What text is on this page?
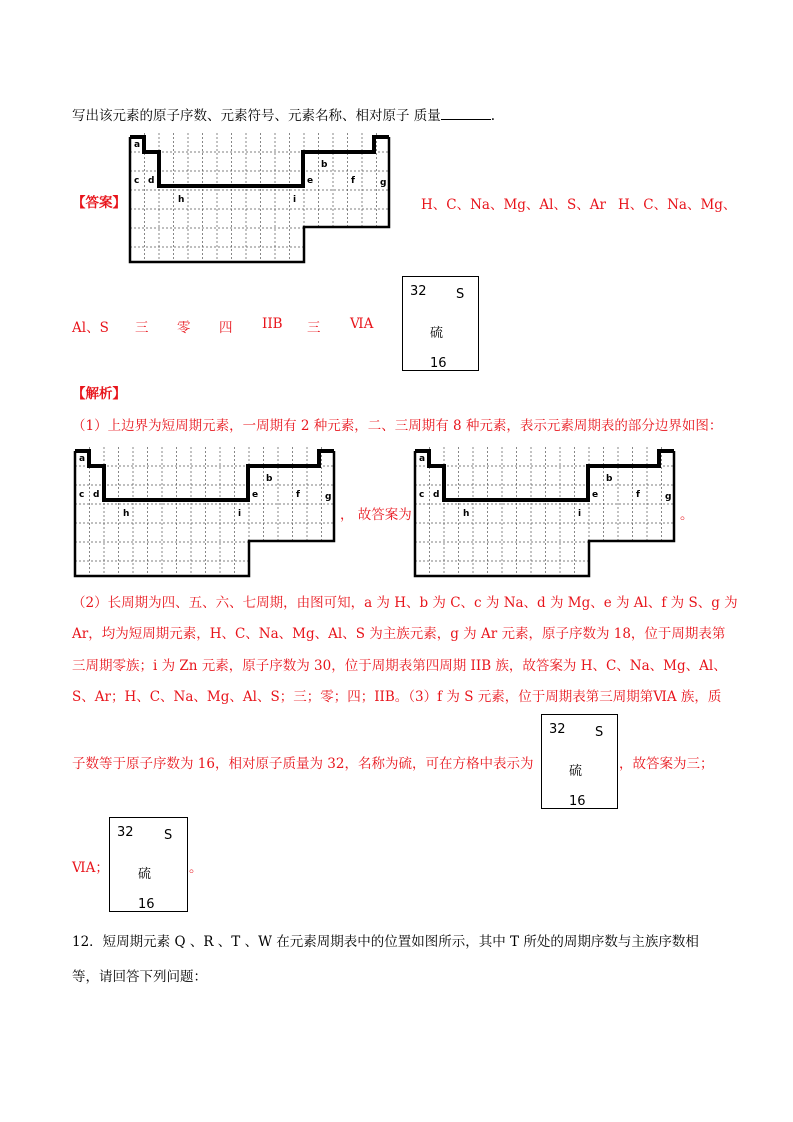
写出该元素的原子序数、元素符号、元素名称、相对原子 质量	.
a
b
c d	e	f	g
h	i
【答案】	H、C、Na、Mg、Al、S、Ar H、C、Na、Mg、
Al、S 三 零 四 IIB 三 ⅥA
32 S
硫
16
【解析】
（1）上边界为短周期元素，一周期有 2 种元素，二、三周期有 8 种元素，表示元素周期表的部分边界如图：
a
b
c d	e	f	g
h	i	， 故答案为
a
b
c d	e	f	g
h	i	。
（2）长周期为四、五、六、七周期，由图可知，a 为 H、b 为 C、c 为 Na、d 为 Mg、e 为 Al、f 为 S、g 为
Ar，均为短周期元素，H、C、Na、Mg、Al、S 为主族元素，g 为 Ar 元素，原子序数为 18，位于周期表第
三周期零族；i 为 Zn 元素，原子序数为 30，位于周期表第四周期 IIB 族，故答案为 H、C、Na、Mg、Al、
S、Ar；H、C、Na、Mg、Al、S；三；零；四；IIB。（3）f 为 S 元素，位于周期表第三周期第ⅥA 族，质
子数等于原子序数为 16，相对原子质量为 32，名称为硫，可在方格中表示为
32 S
硫
16
，故答案为三；
ⅥA；
32 S
硫
16
。
12．短周期元素 Q 、R 、T 、W 在元素周期表中的位置如图所示，其中 T 所处的周期序数与主族序数相
等，请回答下列问题：
